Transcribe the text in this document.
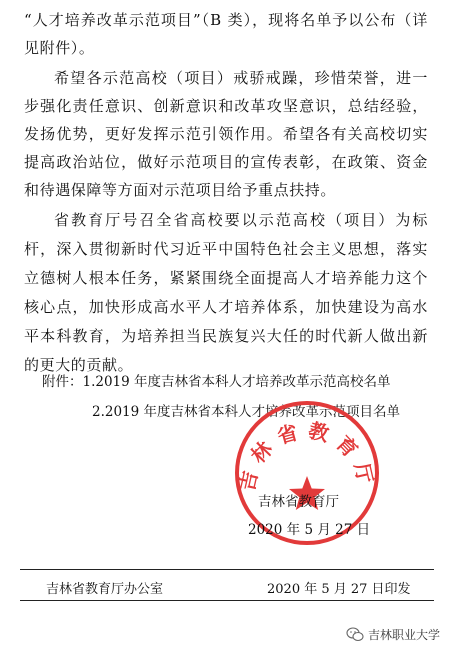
“人才培养改革示范项目”（B 类），现将名单予以公布（详见附件）。

希望各示范高校（项目）戒骄戒躁，珍惜荣誉，进一步强化责任意识、创新意识和改革攻坚意识，总结经验，发扬优势，更好发挥示范引领作用。希望各有关高校切实提高政治站位，做好示范项目的宣传表彰，在政策、资金和待遇保障等方面对示范项目给予重点扶持。

省教育厅号召全省高校要以示范高校（项目）为标杆，深入贯彻新时代习近平中国特色社会主义思想，落实立德树人根本任务，紧紧围绕全面提高人才培养能力这个核心点，加快形成高水平人才培养体系，加快建设为高水平本科教育，为培养担当民族复兴大任的时代新人做出新的更大的贡献。

附件：1.2019 年度吉林省本科人才培养改革示范高校名单
2.2019 年度吉林省本科人才培养改革示范项目名单
吉林省教育厅
吉林省教育厅
2020 年 5 月 27 日
吉林省教育厅办公室	2020 年 5 月 27 日印发
吉林职业大学
